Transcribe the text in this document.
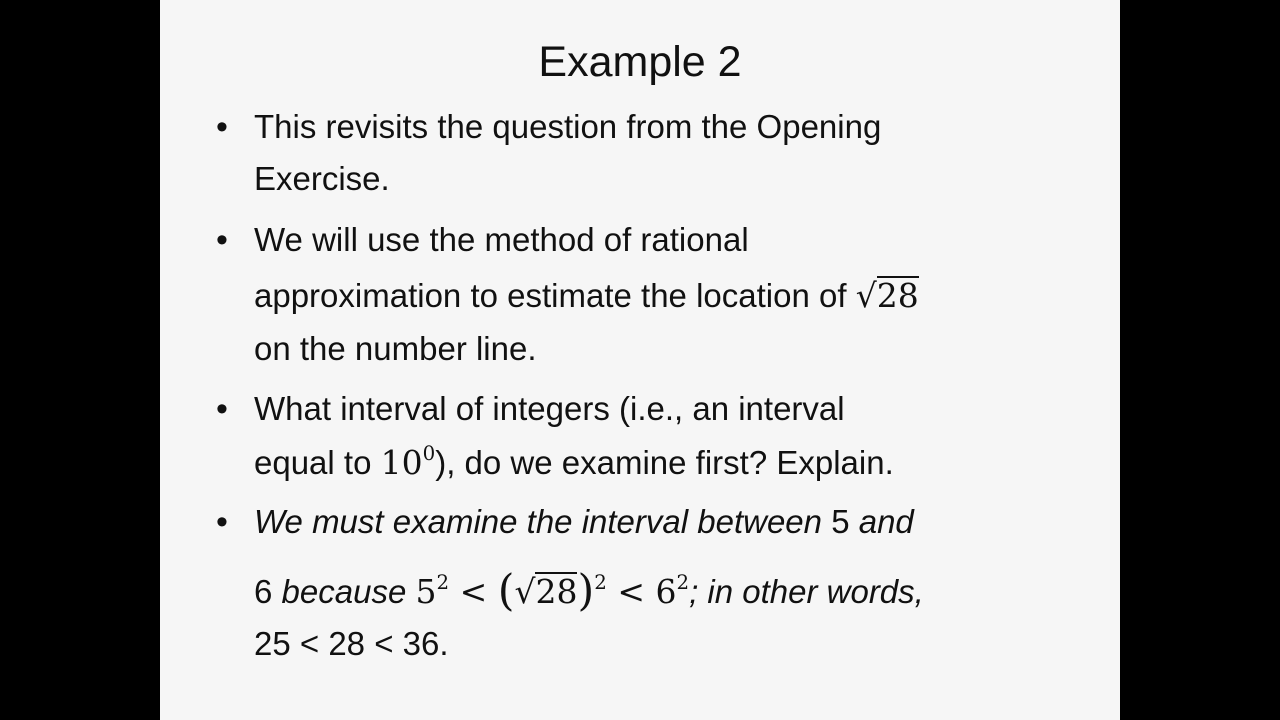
Example 2
• This revisits the question from the Opening
Exercise.
• We will use the method of rational
approximation to estimate the location of √28
on the number line.
• What interval of integers (i.e., an interval
equal to $10^0$), do we examine first? Explain.
• We must examine the interval between 5 and
6 because $5^2 < (√28)^2 < 6^2$; in other words,
25 < 28 < 36.
